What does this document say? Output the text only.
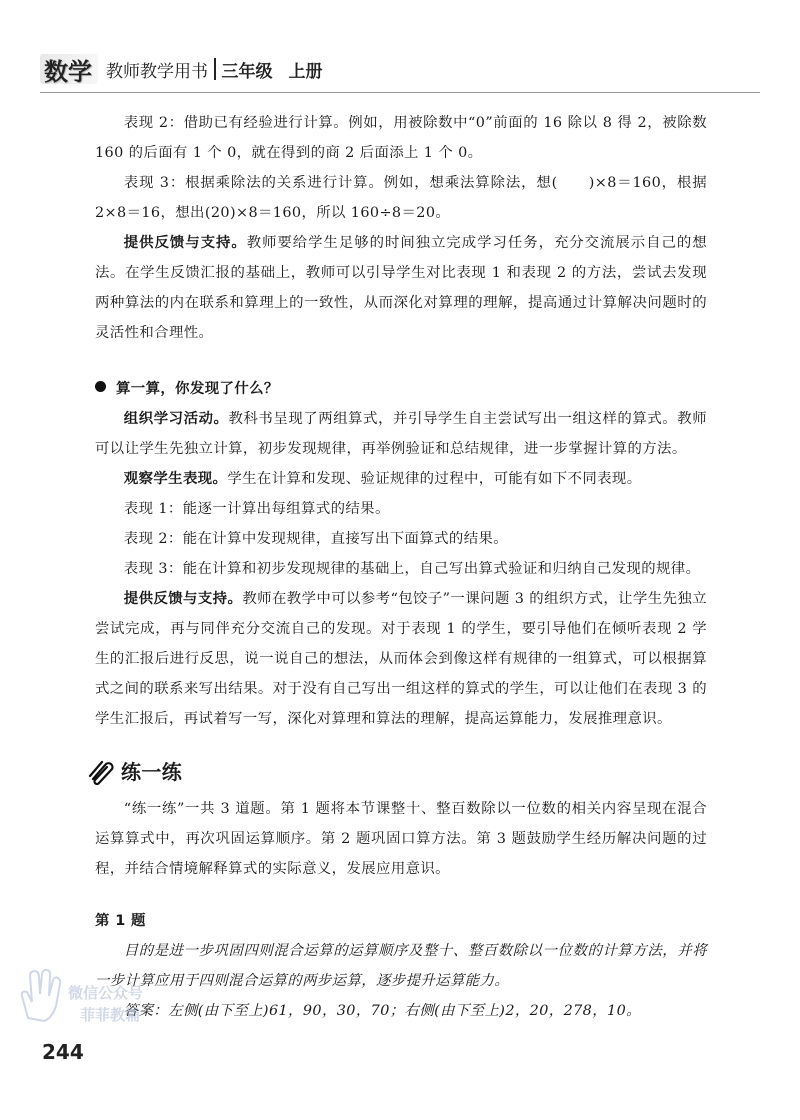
数学 教师教学用书 三年级 上册

表现 2：借助已有经验进行计算。例如，用被除数中“0”前面的 16 除以 8 得 2，被除数 160 的后面有 1 个 0，就在得到的商 2 后面添上 1 个 0。

表现 3：根据乘除法的关系进行计算。例如，想乘法算除法，想(　　)×8＝160，根据 2×8＝16，想出(20)×8＝160，所以 160÷8＝20。

提供反馈与支持。教师要给学生足够的时间独立完成学习任务，充分交流展示自己的想法。在学生反馈汇报的基础上，教师可以引导学生对比表现 1 和表现 2 的方法，尝试去发现两种算法的内在联系和算理上的一致性，从而深化对算理的理解，提高通过计算解决问题时的灵活性和合理性。

算一算，你发现了什么？

组织学习活动。教科书呈现了两组算式，并引导学生自主尝试写出一组这样的算式。教师可以让学生先独立计算，初步发现规律，再举例验证和总结规律，进一步掌握计算的方法。

观察学生表现。学生在计算和发现、验证规律的过程中，可能有如下不同表现。

表现 1：能逐一计算出每组算式的结果。

表现 2：能在计算中发现规律，直接写出下面算式的结果。

表现 3：能在计算和初步发现规律的基础上，自己写出算式验证和归纳自己发现的规律。

提供反馈与支持。教师在教学中可以参考“包饺子”一课问题 3 的组织方式，让学生先独立尝试完成，再与同伴充分交流自己的发现。对于表现 1 的学生，要引导他们在倾听表现 2 学生的汇报后进行反思，说一说自己的想法，从而体会到像这样有规律的一组算式，可以根据算式之间的联系来写出结果。对于没有自己写出一组这样的算式的学生，可以让他们在表现 3 的学生汇报后，再试着写一写，深化对算理和算法的理解，提高运算能力，发展推理意识。

练一练

“练一练”一共 3 道题。第 1 题将本节课整十、整百数除以一位数的相关内容呈现在混合运算算式中，再次巩固运算顺序。第 2 题巩固口算方法。第 3 题鼓励学生经历解决问题的过程，并结合情境解释算式的实际意义，发展应用意识。

第 1 题

目的是进一步巩固四则混合运算的运算顺序及整十、整百数除以一位数的计算方法，并将一步计算应用于四则混合运算的两步运算，逐步提升运算能力。

答案：左侧(由下至上)61，90，30，70；右侧(由下至上)2，20，278，10。

微信公众号
菲菲教辅
244
